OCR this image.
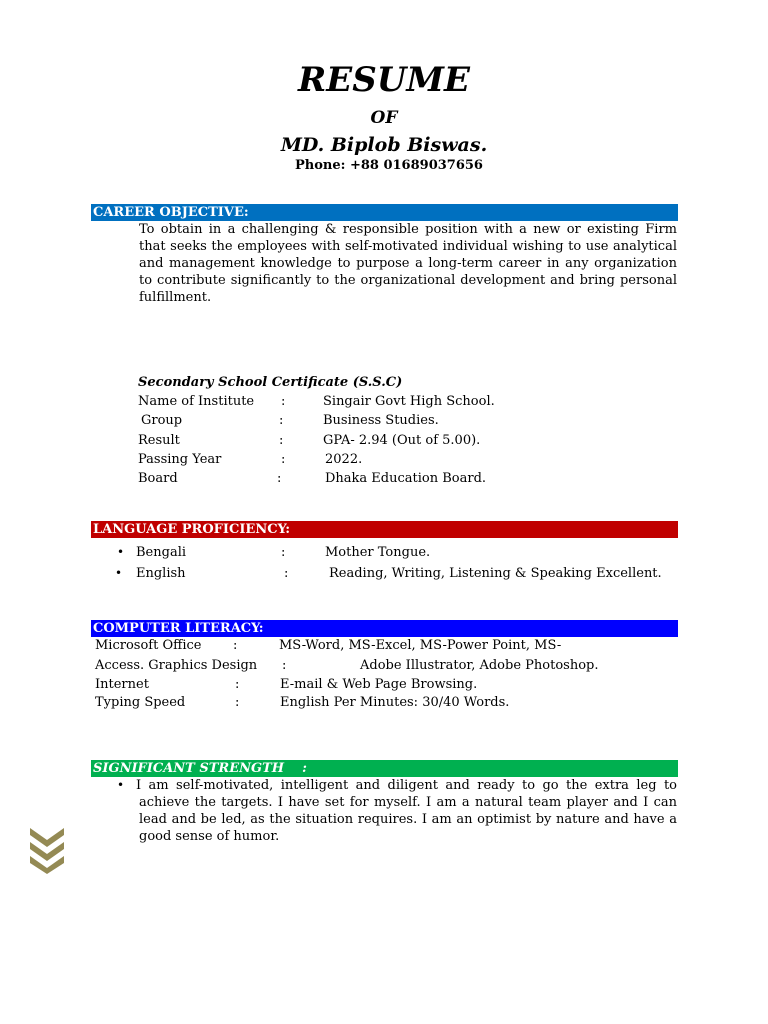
RESUME
OF
MD. Biplob Biswas.
Phone: +88 01689037656
CAREER OBJECTIVE:
To obtain in a challenging & responsible position with a new or existing Firm that seeks the employees with self-motivated individual wishing to use analytical and management knowledge to purpose a long-term career in any organization to contribute significantly to the organizational development and bring personal fulfillment.
Secondary School Certificate (S.S.C)
Name of Institute :	Singair Govt High School.
Group	:	Business Studies.
Result	:	GPA- 2.94 (Out of 5.00).
Passing Year	:	2022.
Board	:	Dhaka Education Board.
LANGUAGE PROFICIENCY:
• Bengali	:	Mother Tongue.
• English	:	Reading, Writing, Listening & Speaking Excellent.
COMPUTER LITERACY:
Microsoft Office :	MS-Word, MS-Excel, MS-Power Point, MS-
Access. Graphics Design :	Adobe Illustrator, Adobe Photoshop.
Internet	:	E-mail & Web Page Browsing.
Typing Speed	:	English Per Minutes: 30/40 Words.
SIGNIFICANT STRENGTH :
• I am self-motivated, intelligent and diligent and ready to go the extra leg to achieve the targets. I have set for myself. I am a natural team player and I can lead and be led, as the situation requires. I am an optimist by nature and have a good sense of humor.
